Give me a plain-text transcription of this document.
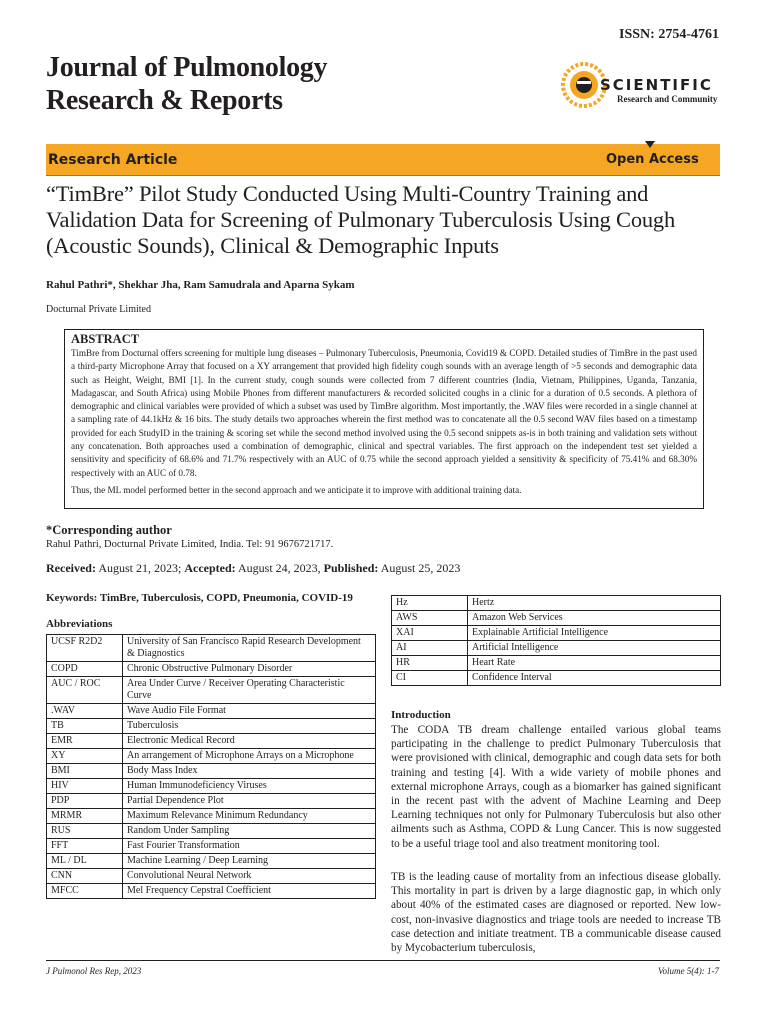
ISSN: 2754-4761
Journal of Pulmonology
Research & Reports	SCIENTIFIC
Research and Community
Research Article	Open Access
“TimBre” Pilot Study Conducted Using Multi-Country Training and Validation Data for Screening of Pulmonary Tuberculosis Using Cough (Acoustic Sounds), Clinical & Demographic Inputs
Rahul Pathri*, Shekhar Jha, Ram Samudrala and Aparna Sykam
Docturnal Private Limited
ABSTRACT

TimBre from Docturnal offers screening for multiple lung diseases – Pulmonary Tuberculosis, Pneumonia, Covid19 & COPD. Detailed studies of TimBre in the past used a third-party Microphone Array that focused on a XY arrangement that provided high fidelity cough sounds with an average length of >5 seconds and demographic data such as Height, Weight, BMI [1]. In the current study, cough sounds were collected from 7 different countries (India, Vietnam, Philippines, Uganda, Tanzania, Madagascar, and South Africa) using Mobile Phones from different manufacturers & recorded solicited coughs in a clinic for a duration of 0.5 seconds. A plethora of demographic and clinical variables were provided of which a subset was used by TimBre algorithm. Most importantly, the .WAV files were recorded in a single channel at a sampling rate of 44.1kHz & 16 bits. The study details two approaches wherein the first method was to concatenate all the 0.5 second WAV files based on a timestamp provided for each StudyID in the training & scoring set while the second method involved using the 0.5 second snippets as-is in both training and validation sets without any concatenation. Both approaches used a combination of demographic, clinical and spectral variables. The first approach on the independent test set yielded a sensitivity and specificity of 68.6% and 71.7% respectively with an AUC of 0.75 while the second approach yielded a sensitivity & specificity of 75.41% and 68.30% respectively with an AUC of 0.78.

Thus, the ML model performed better in the second approach and we anticipate it to improve with additional training data.

*Corresponding author
Rahul Pathri, Docturnal Private Limited, India. Tel: 91 9676721717.
Received: August 21, 2023; Accepted: August 24, 2023, Published: August 25, 2023
Keywords: TimBre, Tuberculosis, COPD, Pneumonia, COVID-19
Abbreviations
UCSF R2D2	University of San Francisco Rapid Research Development & Diagnostics
COPD	Chronic Obstructive Pulmonary Disorder
AUC / ROC	Area Under Curve / Receiver Operating Characteristic Curve
.WAV	Wave Audio File Format
TB	Tuberculosis
EMR	Electronic Medical Record
XY	An arrangement of Microphone Arrays on a Microphone
BMI	Body Mass Index
HIV	Human Immunodeficiency Viruses
PDP	Partial Dependence Plot
MRMR	Maximum Relevance Minimum Redundancy
RUS	Random Under Sampling
FFT	Fast Fourier Transformation
ML / DL	Machine Learning / Deep Learning
CNN	Convolutional Neural Network
MFCC	Mel Frequency Cepstral Coefficient
Hz	Hertz
AWS	Amazon Web Services
XAI	Explainable Artificial Intelligence
AI	Artificial Intelligence
HR	Heart Rate
CI	Confidence Interval
Introduction

The CODA TB dream challenge entailed various global teams participating in the challenge to predict Pulmonary Tuberculosis that were provisioned with clinical, demographic and cough data sets for both training and testing [4]. With a wide variety of mobile phones and external microphone Arrays, cough as a biomarker has gained significant in the recent past with the advent of Machine Learning and Deep Learning techniques not only for Pulmonary Tuberculosis but also other ailments such as Asthma, COPD & Lung Cancer. This is now suggested to be a useful triage tool and also treatment monitoring tool.

TB is the leading cause of mortality from an infectious disease globally. This mortality in part is driven by a large diagnostic gap, in which only about 40% of the estimated cases are diagnosed or reported. New low-cost, non-invasive diagnostics and triage tools are needed to increase TB case detection and initiate treatment. TB a communicable disease caused by Mycobacterium tuberculosis,

J Pulmonol Res Rep, 2023	Volume 5(4): 1-7
